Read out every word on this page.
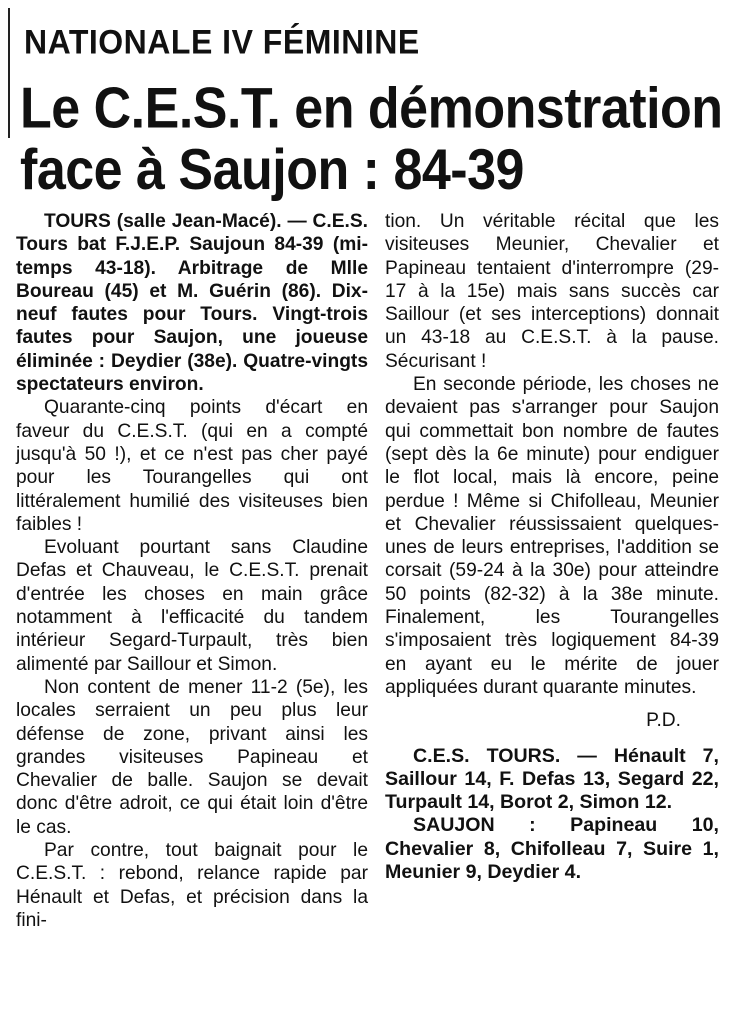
NATIONALE IV FÉMININE
Le C.E.S.T. en démonstration
face à Saujon : 84-39

TOURS (salle Jean-Macé). — C.E.S. Tours bat F.J.E.P. Saujoun 84-39 (mi-temps 43-18). Arbitrage de Mlle Boureau (45) et M. Guérin (86). Dix-neuf fautes pour Tours. Vingt-trois fautes pour Saujon, une joueuse éliminée : Deydier (38e). Quatre-vingts spectateurs environ.

Quarante-cinq points d'écart en faveur du C.E.S.T. (qui en a compté jusqu'à 50 !), et ce n'est pas cher payé pour les Tourangelles qui ont littéralement humilié des visiteuses bien faibles !

Evoluant pourtant sans Claudine Defas et Chauveau, le C.E.S.T. prenait d'entrée les choses en main grâce notamment à l'efficacité du tandem intérieur Segard-Turpault, très bien alimenté par Saillour et Simon.

Non content de mener 11-2 (5e), les locales serraient un peu plus leur défense de zone, privant ainsi les grandes visiteuses Papineau et Chevalier de balle. Saujon se devait donc d'être adroit, ce qui était loin d'être le cas.

Par contre, tout baignait pour le C.E.S.T. : rebond, relance rapide par Hénault et Defas, et précision dans la fini-

tion. Un véritable récital que les visiteuses Meunier, Chevalier et Papineau tentaient d'interrompre (29-17 à la 15e) mais sans succès car Saillour (et ses interceptions) donnait un 43-18 au C.E.S.T. à la pause. Sécurisant !

En seconde période, les choses ne devaient pas s'arranger pour Saujon qui commettait bon nombre de fautes (sept dès la 6e minute) pour endiguer le flot local, mais là encore, peine perdue ! Même si Chifolleau, Meunier et Chevalier réussissaient quelques-unes de leurs entreprises, l'addition se corsait (59-24 à la 30e) pour atteindre 50 points (82-32) à la 38e minute. Finalement, les Tourangelles s'imposaient très logiquement 84-39 en ayant eu le mérite de jouer appliquées durant quarante minutes.

P.D.

C.E.S. TOURS. — Hénault 7, Saillour 14, F. Defas 13, Segard 22, Turpault 14, Borot 2, Simon 12.

SAUJON : Papineau 10, Chevalier 8, Chifolleau 7, Suire 1, Meunier 9, Deydier 4.
